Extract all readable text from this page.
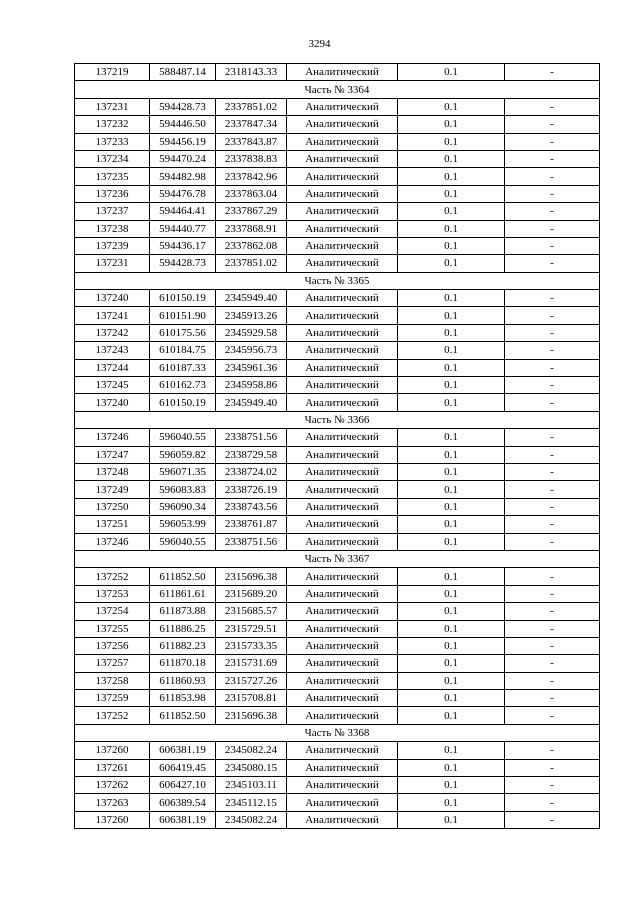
3294
137219	588487.14	2318143.33	Аналитический	0.1	-
Часть № 3364					
137231	594428.73	2337851.02	Аналитический	0.1	-
137232	594446.50	2337847.34	Аналитический	0.1	-
137233	594456.19	2337843.87	Аналитический	0.1	-
137234	594470.24	2337838.83	Аналитический	0.1	-
137235	594482.98	2337842.96	Аналитический	0.1	-
137236	594476.78	2337863.04	Аналитический	0.1	-
137237	594464.41	2337867.29	Аналитический	0.1	-
137238	594440.77	2337868.91	Аналитический	0.1	-
137239	594436.17	2337862.08	Аналитический	0.1	-
137231	594428.73	2337851.02	Аналитический	0.1	-
Часть № 3365					
137240	610150.19	2345949.40	Аналитический	0.1	-
137241	610151.90	2345913.26	Аналитический	0.1	-
137242	610175.56	2345929.58	Аналитический	0.1	-
137243	610184.75	2345956.73	Аналитический	0.1	-
137244	610187.33	2345961.36	Аналитический	0.1	-
137245	610162.73	2345958.86	Аналитический	0.1	-
137240	610150.19	2345949.40	Аналитический	0.1	-
Часть № 3366					
137246	596040.55	2338751.56	Аналитический	0.1	-
137247	596059.82	2338729.58	Аналитический	0.1	-
137248	596071.35	2338724.02	Аналитический	0.1	-
137249	596083.83	2338726.19	Аналитический	0.1	-
137250	596090.34	2338743.56	Аналитический	0.1	-
137251	596053.99	2338761.87	Аналитический	0.1	-
137246	596040.55	2338751.56	Аналитический	0.1	-
Часть № 3367					
137252	611852.50	2315696.38	Аналитический	0.1	-
137253	611861.61	2315689.20	Аналитический	0.1	-
137254	611873.88	2315685.57	Аналитический	0.1	-
137255	611886.25	2315729.51	Аналитический	0.1	-
137256	611882.23	2315733.35	Аналитический	0.1	-
137257	611870.18	2315731.69	Аналитический	0.1	-
137258	611860.93	2315727.26	Аналитический	0.1	-
137259	611853.98	2315708.81	Аналитический	0.1	-
137252	611852.50	2315696.38	Аналитический	0.1	-
Часть № 3368					
137260	606381.19	2345082.24	Аналитический	0.1	-
137261	606419.45	2345080.15	Аналитический	0.1	-
137262	606427.10	2345103.11	Аналитический	0.1	-
137263	606389.54	2345112.15	Аналитический	0.1	-
137260	606381.19	2345082.24	Аналитический	0.1	-
